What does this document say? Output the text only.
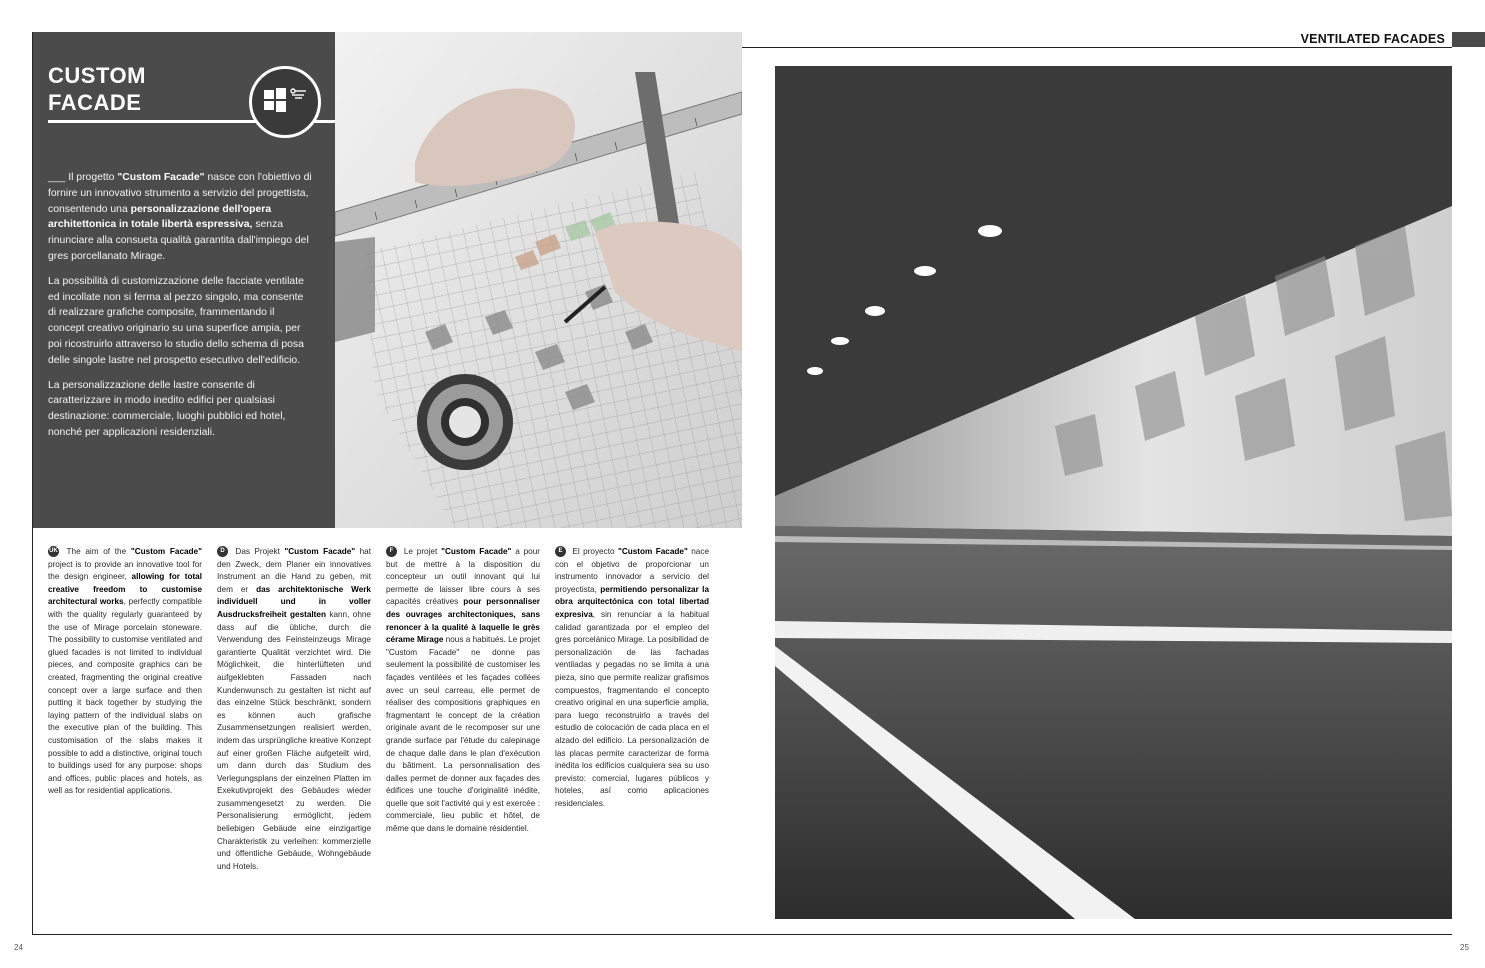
VENTILATED FACADES
CUSTOM
FACADE

___ Il progetto "Custom Facade" nasce con l'obiettivo di fornire un innovativo strumento a servizio del progettista, consentendo una personalizzazione dell'opera architettonica in totale libertà espressiva, senza rinunciare alla consueta qualità garantita dall'impiego del gres porcellanato Mirage.

La possibilità di customizzazione delle facciate ventilate ed incollate non si ferma al pezzo singolo, ma consente di realizzare grafiche composite, frammentando il concept creativo originario su una superfice ampia, per poi ricostruirlo attraverso lo studio dello schema di posa delle singole lastre nel prospetto esecutivo dell'edificio.

La personalizzazione delle lastre consente di caratterizzare in modo inedito edifici per qualsiasi destinazione: commerciale, luoghi pubblici ed hotel, nonché per applicazioni residenziali.

UK The aim of the "Custom Facade" project is to provide an innovative tool for the design engineer, allowing for total creative freedom to customise architectural works, perfectly compatible with the quality regularly guaranteed by the use of Mirage porcelain stoneware. The possibility to customise ventilated and glued facades is not limited to individual pieces, and composite graphics can be created, fragmenting the original creative concept over a large surface and then putting it back together by studying the laying pattern of the individual slabs on the executive plan of the building. This customisation of the slabs makes it possible to add a distinctive, original touch to buildings used for any purpose: shops and offices, public places and hotels, as well as for residential applications.
D Das Projekt "Custom Facade" hat den Zweck, dem Planer ein innovatives Instrument an die Hand zu geben, mit dem er das architektonische Werk individuell und in voller Ausdrucksfreiheit gestalten kann, ohne dass auf die übliche, durch die Verwendung des Feinsteinzeugs Mirage garantierte Qualität verzichtet wird. Die Möglichkeit, die hinterlüfteten und aufgeklebten Fassaden nach Kundenwunsch zu gestalten ist nicht auf das einzelne Stück beschränkt, sondern es können auch grafische Zusammensetzungen realisiert werden, indem das ursprüngliche kreative Konzept auf einer großen Fläche aufgeteilt wird, um dann durch das Studium des Verlegungsplans der einzelnen Platten im Exekutivprojekt des Gebäudes wieder zusammengesetzt zu werden. Die Personalisierung ermöglicht, jedem beliebigen Gebäude eine einzigartige Charakteristik zu verleihen: kommerzielle und öffentliche Gebäude, Wohngebäude und Hotels.
F Le projet "Custom Facade" a pour but de mettre à la disposition du concepteur un outil innovant qui lui permette de laisser libre cours à ses capacités créatives pour personnaliser des ouvrages architectoniques, sans renoncer à la qualité à laquelle le grès cérame Mirage nous a habitués. Le projet "Custom Facade" ne donne pas seulement la possibilité de customiser les façades ventilées et les façades collées avec un seul carreau, elle permet de réaliser des compositions graphiques en fragmentant le concept de la création originale avant de le recomposer sur une grande surface par l'étude du calepinage de chaque dalle dans le plan d'exécution du bâtiment. La personnalisation des dalles permet de donner aux façades des édifices une touche d'originalité inédite, quelle que soit l'activité qui y est exercée : commerciale, lieu public et hôtel, de même que dans le domaine résidentiel.
E El proyecto "Custom Facade" nace con el objetivo de proporcionar un instrumento innovador a servicio del proyectista, permitiendo personalizar la obra arquitectónica con total libertad expresiva, sin renunciar a la habitual calidad garantizada por el empleo del gres porcelánico Mirage. La posibilidad de personalización de las fachadas ventiladas y pegadas no se limita a una pieza, sino que permite realizar grafismos compuestos, fragmentando el concepto creativo original en una superficie amplia, para luego reconstruirlo a través del estudio de colocación de cada placa en el alzado del edificio. La personalización de las placas permite caracterizar de forma inédita los edificios cualquiera sea su uso previsto: comercial, lugares públicos y hoteles, así como aplicaciones residenciales.
24	25
